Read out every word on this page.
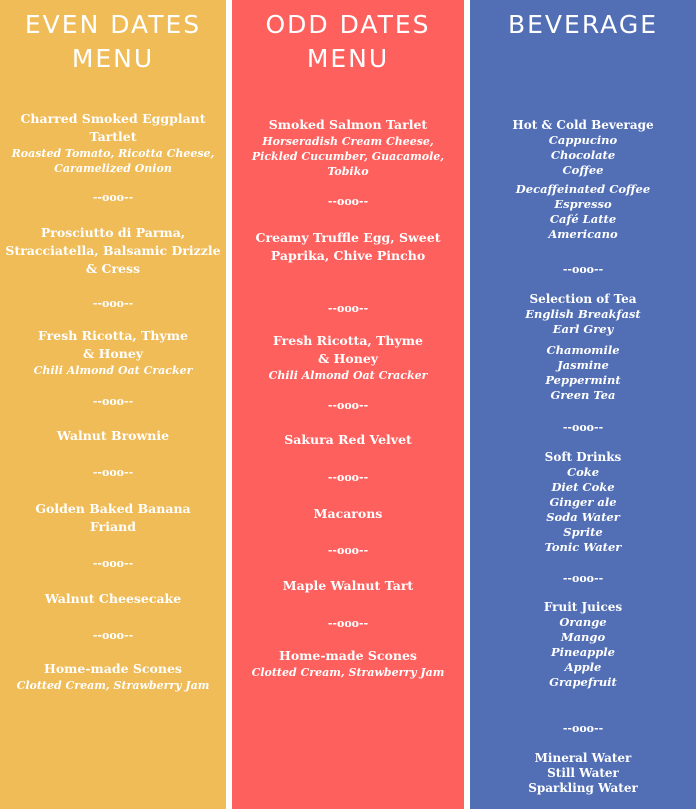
EVEN DATES
MENU
Charred Smoked Eggplant
Tartlet
Roasted Tomato, Ricotta Cheese,
Caramelized Onion
--ooo--
Prosciutto di Parma,
Stracciatella, Balsamic Drizzle
& Cress
--ooo--
Fresh Ricotta, Thyme
& Honey
Chili Almond Oat Cracker
--ooo--
Walnut Brownie
--ooo--
Golden Baked Banana
Friand
--ooo--
Walnut Cheesecake
--ooo--
Home-made Scones
Clotted Cream, Strawberry Jam
ODD DATES
MENU
Smoked Salmon Tarlet
Horseradish Cream Cheese,
Pickled Cucumber, Guacamole,
Tobiko
--ooo--
Creamy Truffle Egg, Sweet
Paprika, Chive Pincho
--ooo--
Fresh Ricotta, Thyme
& Honey
Chili Almond Oat Cracker
--ooo--
Sakura Red Velvet
--ooo--
Macarons
--ooo--
Maple Walnut Tart
--ooo--
Home-made Scones
Clotted Cream, Strawberry Jam
BEVERAGE
Hot & Cold Beverage
Cappucino
Chocolate
Coffee
Decaffeinated Coffee
Espresso
Café Latte
Americano
--ooo--
Selection of Tea
English Breakfast
Earl Grey
Chamomile
Jasmine
Peppermint
Green Tea
--ooo--
Soft Drinks
Coke
Diet Coke
Ginger ale
Soda Water
Sprite
Tonic Water
--ooo--
Fruit Juices
Orange
Mango
Pineapple
Apple
Grapefruit
--ooo--
Mineral Water
Still Water
Sparkling Water
